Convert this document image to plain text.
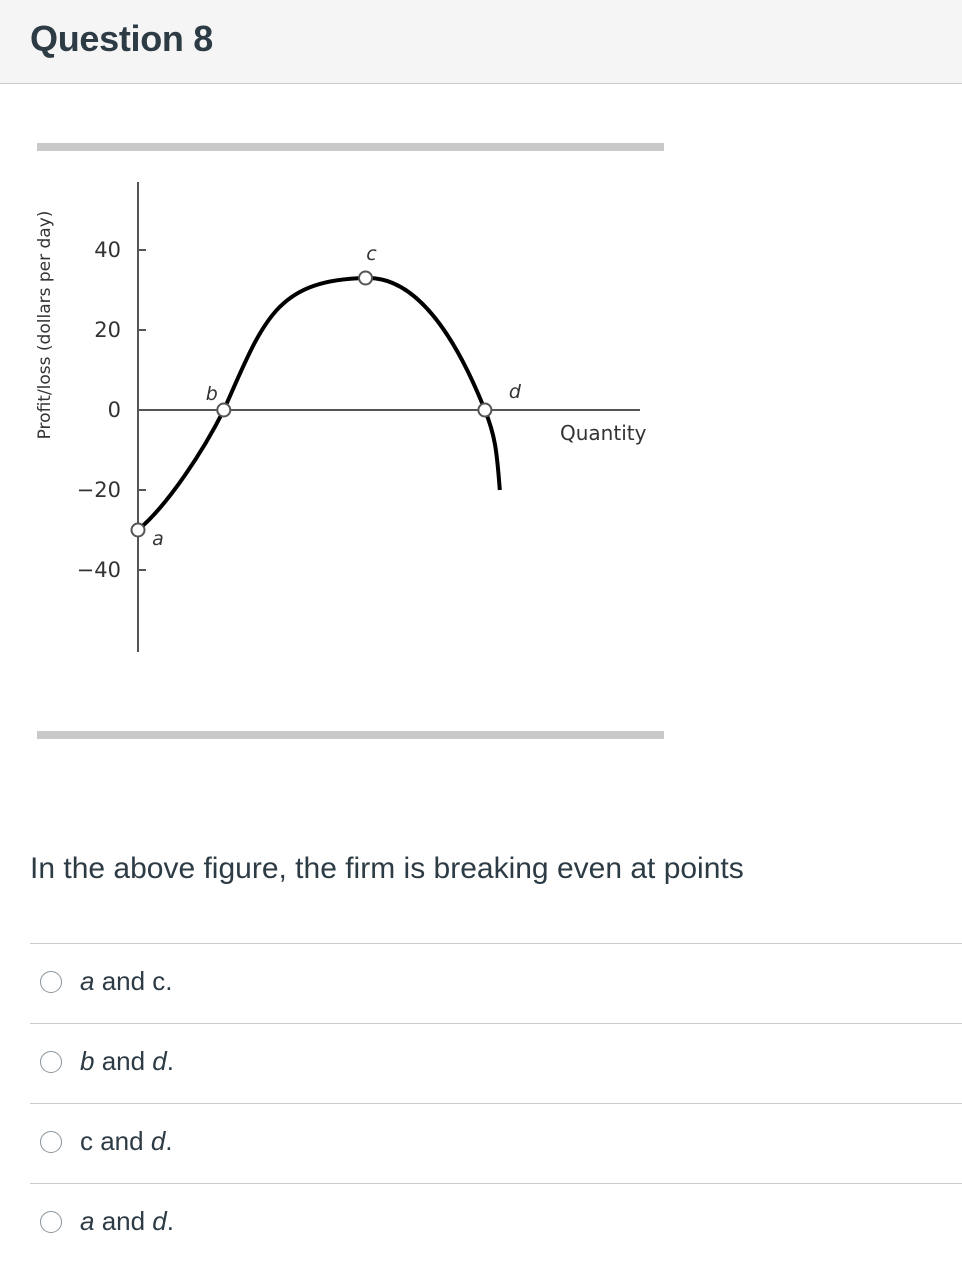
Question 8
Profit/loss (dollars per day)	Quantity
40
20
0
−20
−40
a
b
c
d

In the above figure, the firm is breaking even at points

a and c.
b and d.
c and d.
a and d.
